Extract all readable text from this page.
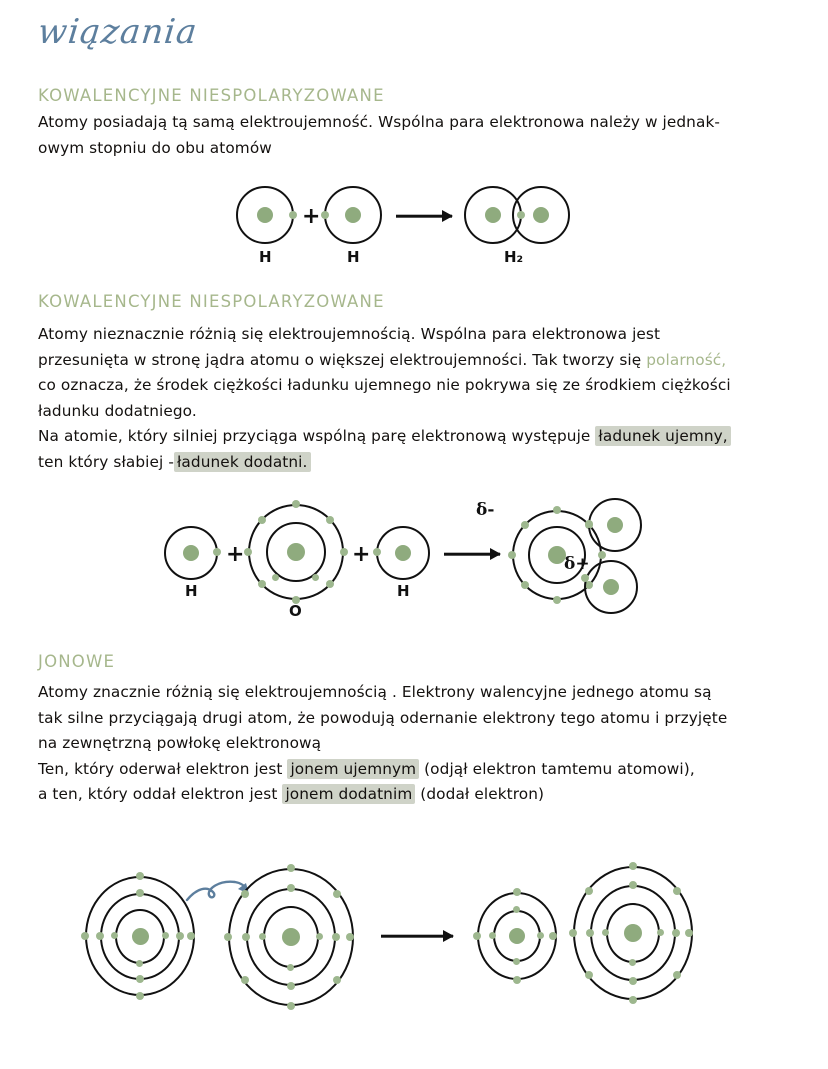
wiązania
KOWALENCYJNE NIESPOLARYZOWANE
Atomy posiadają tą samą elektroujemność. Wspólna para elektronowa należy w jednak-
owym stopniu do obu atomów
H
+
H	H₂
KOWALENCYJNE NIESPOLARYZOWANE
Atomy nieznacznie różnią się elektroujemnością. Wspólna para elektronowa jest
przesunięta w stronę jądra atomu o większej elektroujemności. Tak tworzy się polarność,
co oznacza, że środek ciężkości ładunku ujemnego nie pokrywa się ze środkiem ciężkości
ładunku dodatniego.
Na atomie, który silniej przyciąga wspólną parę elektronową występuje ładunek ujemny,
ten który słabiej - ładunek dodatni.
H
+
O
+
H
δ-
δ+
JONOWE
Atomy znacznie różnią się elektroujemnością . Elektrony walencyjne jednego atomu są
tak silne przyciągają drugi atom, że powodują odernanie elektrony tego atomu i przyjęte
na zewnętrzną powłokę elektronową
Ten, który oderwał elektron jest jonem ujemnym (odjął elektron tamtemu atomowi),
a ten, który oddał elektron jest jonem dodatnim (dodał elektron)
